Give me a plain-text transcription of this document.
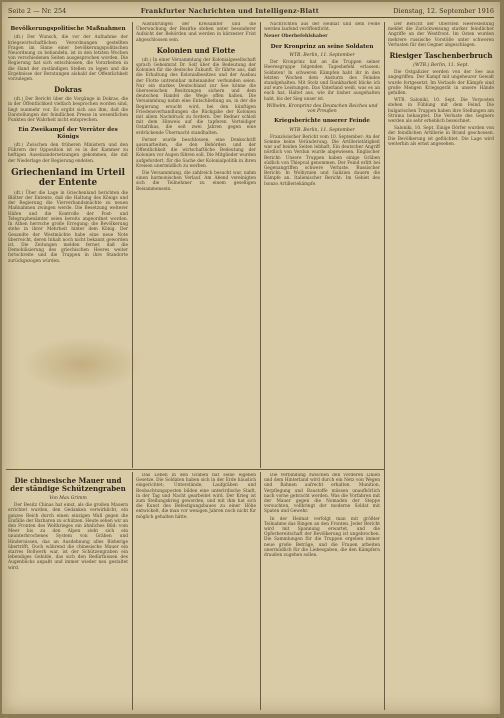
Seite 2 — Nr. 254	Frankfurter Nachrichten und Intelligenz-Blatt	Dienstag, 12. September 1916
Bevölkerungspolitische Maßnahmen

(dt.) Der Wunsch, die vor der Aufnahme der kriegswirtschaftlichen Verordnungen gestellten Fragen im Sinne einer bevölkerungspolitischen Neuordnung zu behandeln, ist in den letzten Wochen von verschiedenen Seiten ausgesprochen worden. Die Regierung hat sich entschlossen, die Vorarbeiten in die Hand der zuständigen Stellen zu legen und die Ergebnisse der Beratungen alsbald der Öffentlichkeit vorzulegen.

Dokras

(dt.) Der Bericht über die Vorgänge in Dokras, die in der Öffentlichkeit vielfach besprochen worden sind, liegt nunmehr vor. Es ergibt sich aus ihm, daß die Darstellungen der feindlichen Presse in wesentlichen Punkten der Wahrheit nicht entsprechen.

Ein Zweikampf der Verräter des Königs

(dt.) Zwischen den früheren Ministern und den Führern der Opposition ist es in der Kammer zu heftigen Auseinandersetzungen gekommen, die mit der Niederlage der Regierung endeten.

Griechenland im Urteil der Entente

(dt.) Über die Lage in Griechenland berichten die Blätter der Entente, daß die Haltung des Königs und der Regierung die Vierverbandsmächte zu neuen Maßnahmen zwingen werde. Die Besetzung weiterer Häfen und die Kontrolle der Post- und Telegraphenämter seien bereits angeordnet worden. In Athen herrsche große Erregung; die Bevölkerung stehe in ihrer Mehrheit hinter dem König. Der Gesandte der Westmächte habe eine neue Note überreicht, deren Inhalt noch nicht bekannt geworden ist. Die Zeitungen melden ferner, daß die Demobilisierung des griechischen Heeres weiter fortschreite und die Truppen in ihre Standorte zurückgezogen würden.

Ausführungen der Kreisämter und die Überwachung der Bezirke stehen unter besonderer Aufsicht der Behörden und werden in kürzester Frist abgeschlossen sein.

Kolonien und Flotte

(dt.) In einer Versammlung der Kolonialgesellschaft sprach Geheimrat Dr. Solf über die Bedeutung der Kolonien für die deutsche Zukunft. Er führte aus, daß die Erhaltung des Kolonialbesitzes und der Ausbau der Flotte untrennbar miteinander verbunden seien. Nur ein starkes Deutschland zur See könne die überseeischen Besitzungen sichern und dem deutschen Handel die Wege offen halten. Die Versammlung nahm eine Entschließung an, in der die Regierung ersucht wird, bei den künftigen Friedensverhandlungen die Rückgabe der Kolonien mit allem Nachdruck zu fordern. Der Redner schloß mit dem Hinweis auf die tapferen Verteidiger Ostafrikas, die seit zwei Jahren gegen eine erdrückende Übermacht standhalten.

Ferner wurde beschlossen, eine Denkschrift auszuarbeiten, die den Behörden und der Öffentlichkeit die wirtschaftliche Bedeutung der Kolonien vor Augen führen soll. Die Mitglieder wurden aufgefordert, für die Sache der Kolonialpolitik in ihren Kreisen unermüdlich zu werben.

Die Versammlung, die zahlreich besucht war, nahm einen harmonischen Verlauf. Am Abend vereinigten sich die Teilnehmer zu einem geselligen Beisammensein.

Nachrichten aus der Heimat und dem Felde werden laufend veröffentlicht.

Neuer Oberbefehlshaber
Der Kronprinz an seine Soldaten
WTB. Berlin, 11. September

Der Kronprinz hat an die Truppen seiner Heeresgruppe folgenden Tagesbefehl erlassen: Soldaten! In schweren Kämpfen habt ihr in den letzten Wochen dem Ansturm des Feindes standgehalten. Mit Stolz und Dankbarkeit blicke ich auf eure Leistungen. Das Vaterland weiß, was es an euch hat. Haltet aus, wie ihr bisher ausgehalten habt, bis der Sieg unser ist.

Wilhelm, Kronprinz des Deutschen Reiches und von Preußen
Kriegsberichte unserer Feinde
WTB. Berlin, 11. September

Französischer Bericht vom 10. September: An der Somme keine Veränderung. Die Artillerietätigkeit war auf beiden Seiten lebhaft. Ein deutscher Angriff nördlich von Verdun wurde abgewiesen. Englischer Bericht: Unsere Truppen haben einige Gräben südlich von Thiepval genommen. Der Feind erlitt bei Gegenangriffen schwere Verluste. Russischer Bericht: In Wolhynien und Galizien dauern die Kämpfe an. Italienischer Bericht: Im Gebiet des Isonzo Artilleriekämpfe.

Der Bericht der Obersten Heeresleitung meldet die Zurückweisung starker feindlicher Angriffe an der Westfront. Im Osten wurden mehrere russische Vorstöße unter schweren Verlusten für den Gegner abgeschlagen.

Riesiger Taschenberbruch
(WTB.) Berlin, 11. Sept.

Die Ostgalizier werden von der See aus angegriffen. Der Kampf mit ungeheurer Gewalt wurde fortgesetzt. Im Verlaufe der Kämpfe sind große Mengen Kriegsgerät in unsere Hände gefallen.

WTB. Saloniki, 10. Sept. Die Vorposten stehen in Fühlung mit dem Feind. Die bulgarischen Truppen haben ihre Stellungen am Struma behauptet. Die Verluste des Gegners werden als sehr erheblich bezeichnet.

Saloniki, 10. Sept. Einige Dörfer wurden von der feindlichen Artillerie in Brand geschossen. Die Bevölkerung ist geflüchtet. Die Lage wird weiterhin als ernst angesehen.

Die chinesische Mauer und der ständige Schützengraben
Von Max Grimm

Der Besitz Chinas hat einst, als die großen Mauern errichtet wurden, den Gedanken verwirklicht, ein ganzes Reich durch einen einzigen Wall gegen die Einfälle der Barbaren zu schützen. Heute sehen wir an den Fronten des Weltkrieges ein ähnliches Bild: vom Meer bis zu den Alpen zieht sich ein ununterbrochenes System von Gräben und Hindernissen, das an Ausdehnung alles Bisherige übertrifft. Doch während die chinesische Mauer ein starres Bollwerk war, ist der Schützengraben ein lebendiges Gebilde, das sich den Bedürfnissen des Augenblicks anpaßt und immer wieder neu gestaltet wird.

Das Leben in den Gräben hat seine eigenen Gesetze. Die Soldaten haben sich in der Erde häuslich eingerichtet; Unterstände, Laufgräben und Beobachtungsposten bilden eine unterirdische Stadt, in der Tag und Nacht gearbeitet wird. Der Krieg ist zum Stellungskrieg geworden, und mit ihm hat sich die Kunst des Befestigungsbaues zu einer Höhe entwickelt, die man vor wenigen Jahren noch nicht für möglich gehalten hätte.

Die Verbindung zwischen den vorderen Linien und dem Hinterland wird durch ein Netz von Wegen und Bahnen aufrecht erhalten. Munition, Verpflegung und Baustoffe müssen unaufhörlich nach vorne gebracht werden. Was die Vorfahren mit der Mauer gegen die Nomaden der Steppe versuchten, vollbringt der moderne Soldat mit Spaten und Gewehr.

In der Heimat verfolgt man mit größter Teilnahme das Ringen an den Fronten. Jeder Bericht wird mit Spannung erwartet, und die Opferbereitschaft der Bevölkerung ist ungebrochen. Die Sammlungen für die Truppen ergeben immer neue große Beträge, und die Frauen arbeiten unermüdlich für die Liebesgaben, die den Kämpfern draußen zugehen sollen.
